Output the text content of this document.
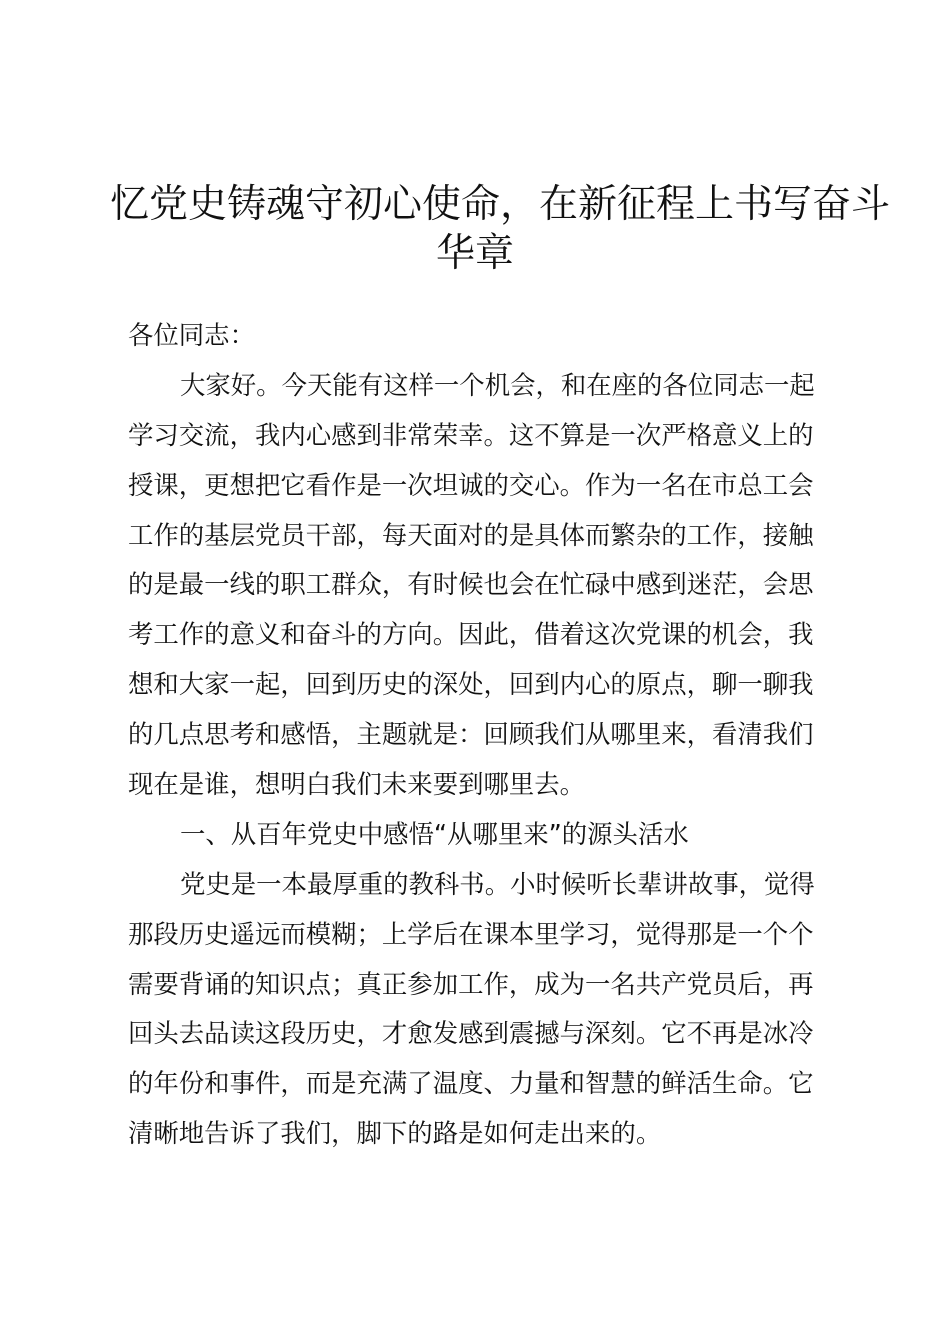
忆党史铸魂守初心使命，在新征程上书写奋斗
华章
各位同志：
大家好。今天能有这样一个机会，和在座的各位同志一起
学习交流，我内心感到非常荣幸。这不算是一次严格意义上的
授课，更想把它看作是一次坦诚的交心。作为一名在市总工会
工作的基层党员干部，每天面对的是具体而繁杂的工作，接触
的是最一线的职工群众，有时候也会在忙碌中感到迷茫，会思
考工作的意义和奋斗的方向。因此，借着这次党课的机会，我
想和大家一起，回到历史的深处，回到内心的原点，聊一聊我
的几点思考和感悟，主题就是：回顾我们从哪里来，看清我们
现在是谁，想明白我们未来要到哪里去。
一、从百年党史中感悟“从哪里来”的源头活水
党史是一本最厚重的教科书。小时候听长辈讲故事，觉得
那段历史遥远而模糊；上学后在课本里学习，觉得那是一个个
需要背诵的知识点；真正参加工作，成为一名共产党员后，再
回头去品读这段历史，才愈发感到震撼与深刻。它不再是冰冷
的年份和事件，而是充满了温度、力量和智慧的鲜活生命。它
清晰地告诉了我们，脚下的路是如何走出来的。
